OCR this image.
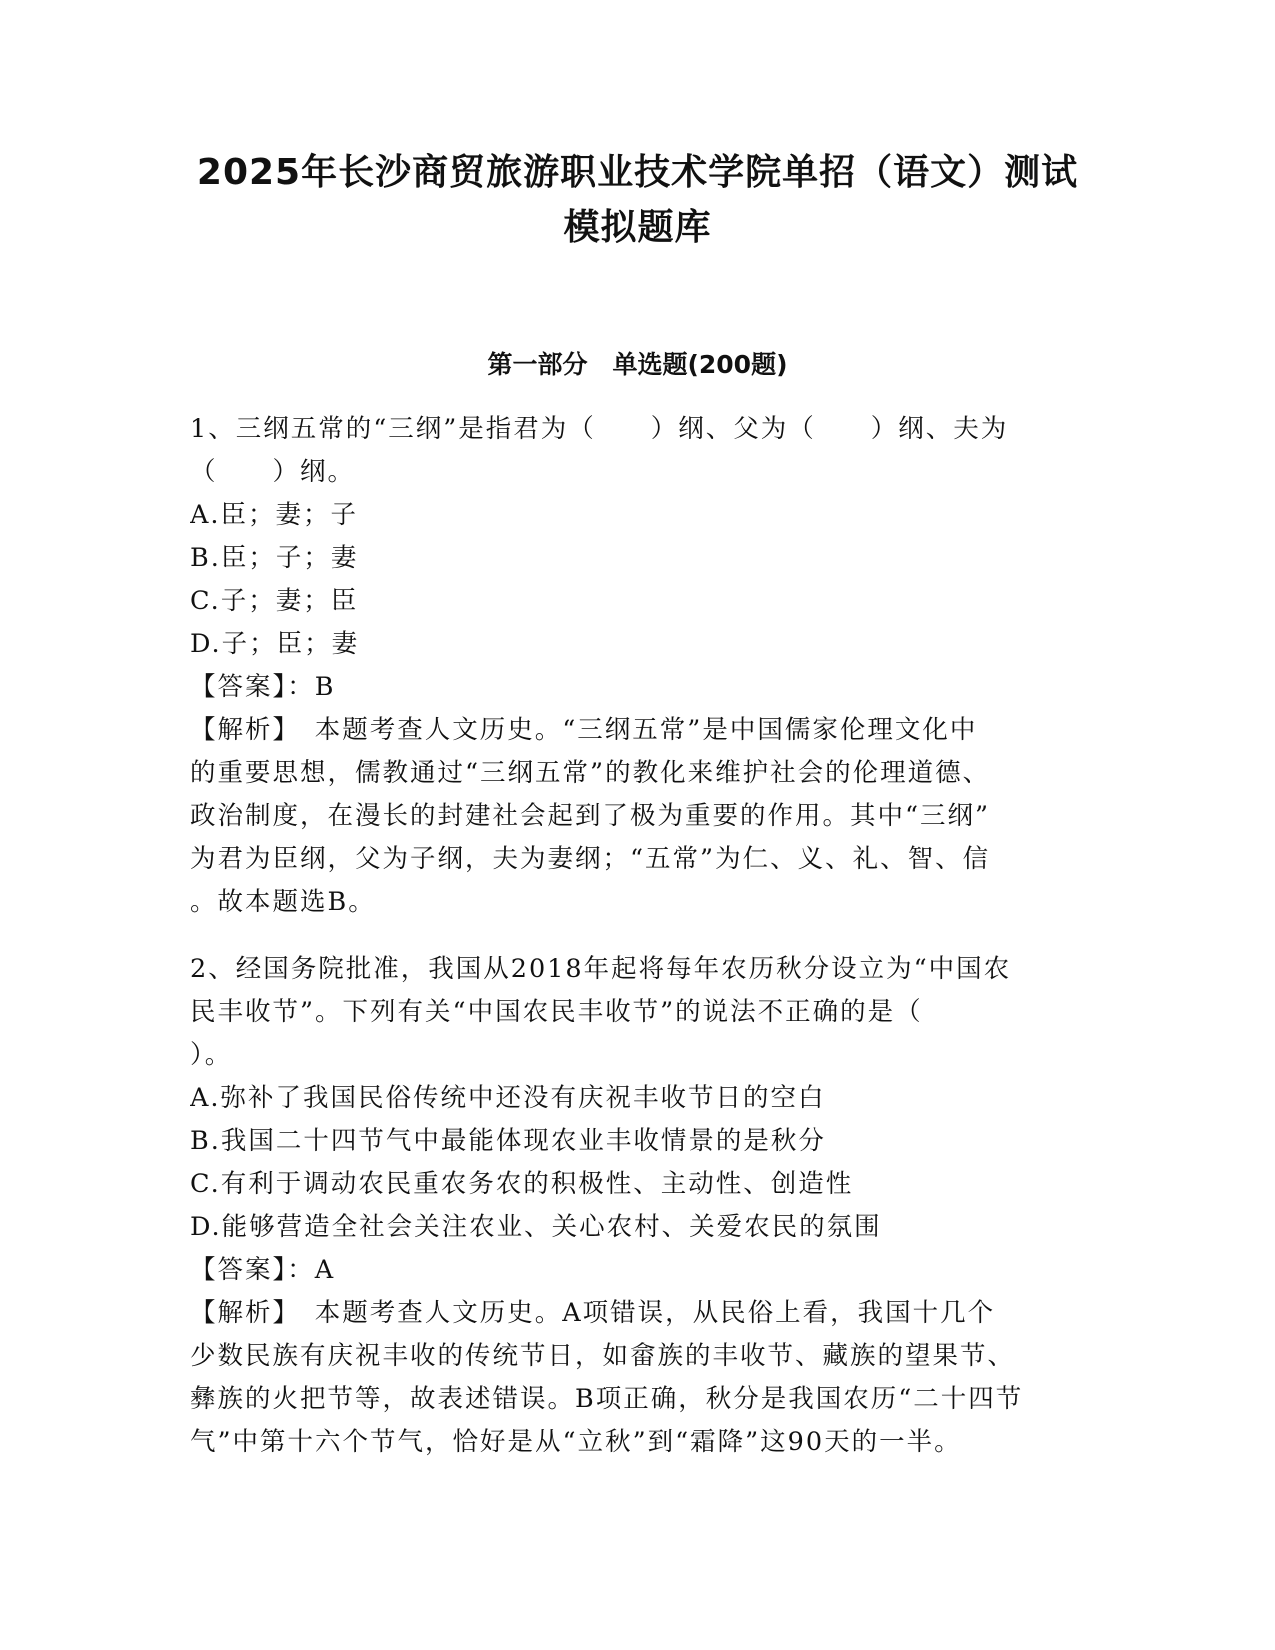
2025年长沙商贸旅游职业技术学院单招（语文）测试
模拟题库
第一部分　单选题(200题)
1、三纲五常的“三纲”是指君为（　　）纲、父为（　　）纲、夫为
（　　）纲。
A.臣；妻；子
B.臣；子；妻
C.子；妻；臣
D.子；臣；妻
【答案】：B
【解析】　本题考查人文历史。“三纲五常”是中国儒家伦理文化中
的重要思想，儒教通过“三纲五常”的教化来维护社会的伦理道德、
政治制度，在漫长的封建社会起到了极为重要的作用。其中“三纲”
为君为臣纲，父为子纲，夫为妻纲；“五常”为仁、义、礼、智、信
。故本题选B。
2、经国务院批准，我国从2018年起将每年农历秋分设立为“中国农
民丰收节”。下列有关“中国农民丰收节”的说法不正确的是（
）。
A.弥补了我国民俗传统中还没有庆祝丰收节日的空白
B.我国二十四节气中最能体现农业丰收情景的是秋分
C.有利于调动农民重农务农的积极性、主动性、创造性
D.能够营造全社会关注农业、关心农村、关爱农民的氛围
【答案】：A
【解析】　本题考查人文历史。A项错误，从民俗上看，我国十几个
少数民族有庆祝丰收的传统节日，如畲族的丰收节、藏族的望果节、
彝族的火把节等，故表述错误。B项正确，秋分是我国农历“二十四节
气”中第十六个节气，恰好是从“立秋”到“霜降”这90天的一半。
